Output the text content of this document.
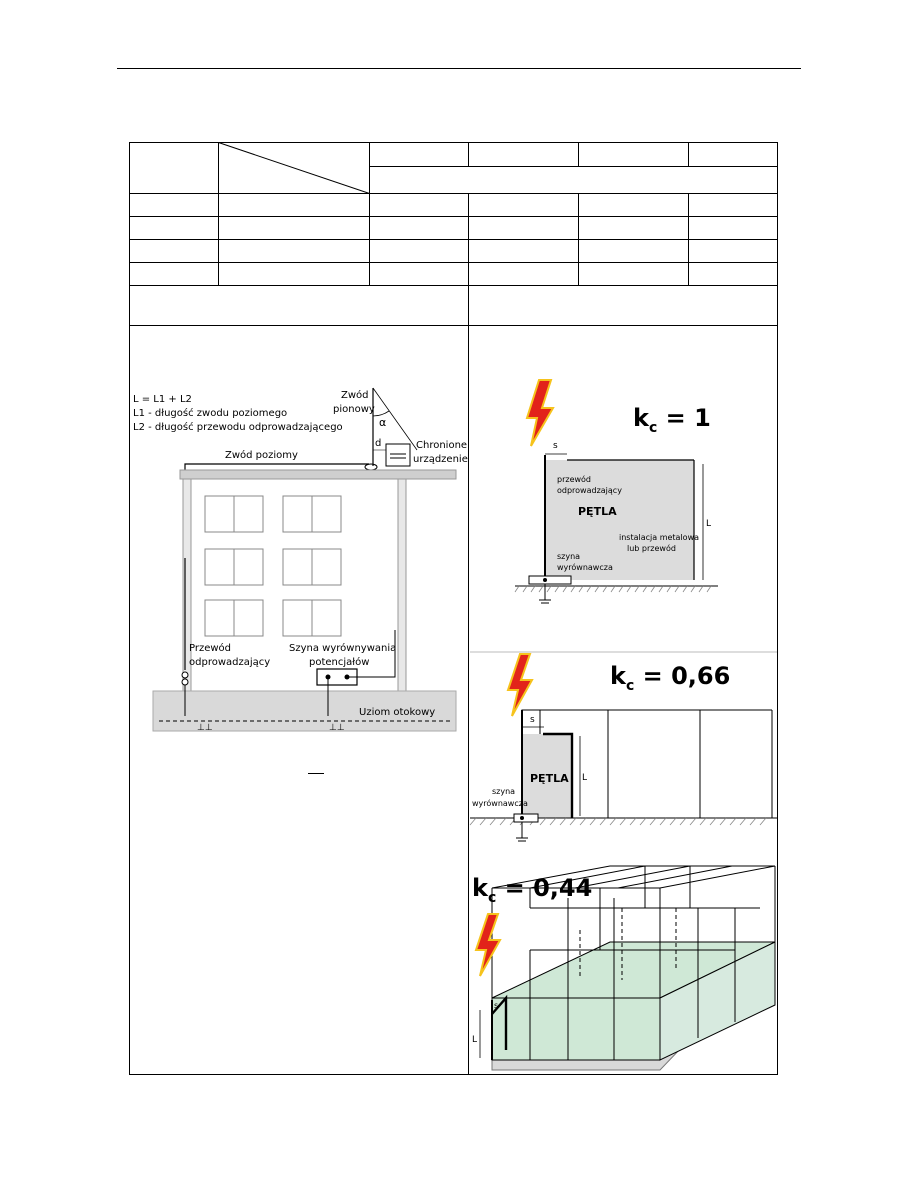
L = L1 + L2
L1 - długość zwodu poziomego
L2 - długość przewodu odprowadzającego
Zwód
pionowy
α
d	Chronione
urządzenie
Zwód poziomy
Przewód
odprowadzający
Szyna wyrównywania
potencjałów
⊥⊥	⊥⊥
Uziom otokowy
s
$k_c = 1$
przewód
odprowadzający
PĘTLA
instalacja metalowa
lub przewód
szyna
wyrównawcza
L
s
PĘTLA L
$k_c = 0,66$
szyna
wyrównawcza
s
L
$k_c = 0,44$
